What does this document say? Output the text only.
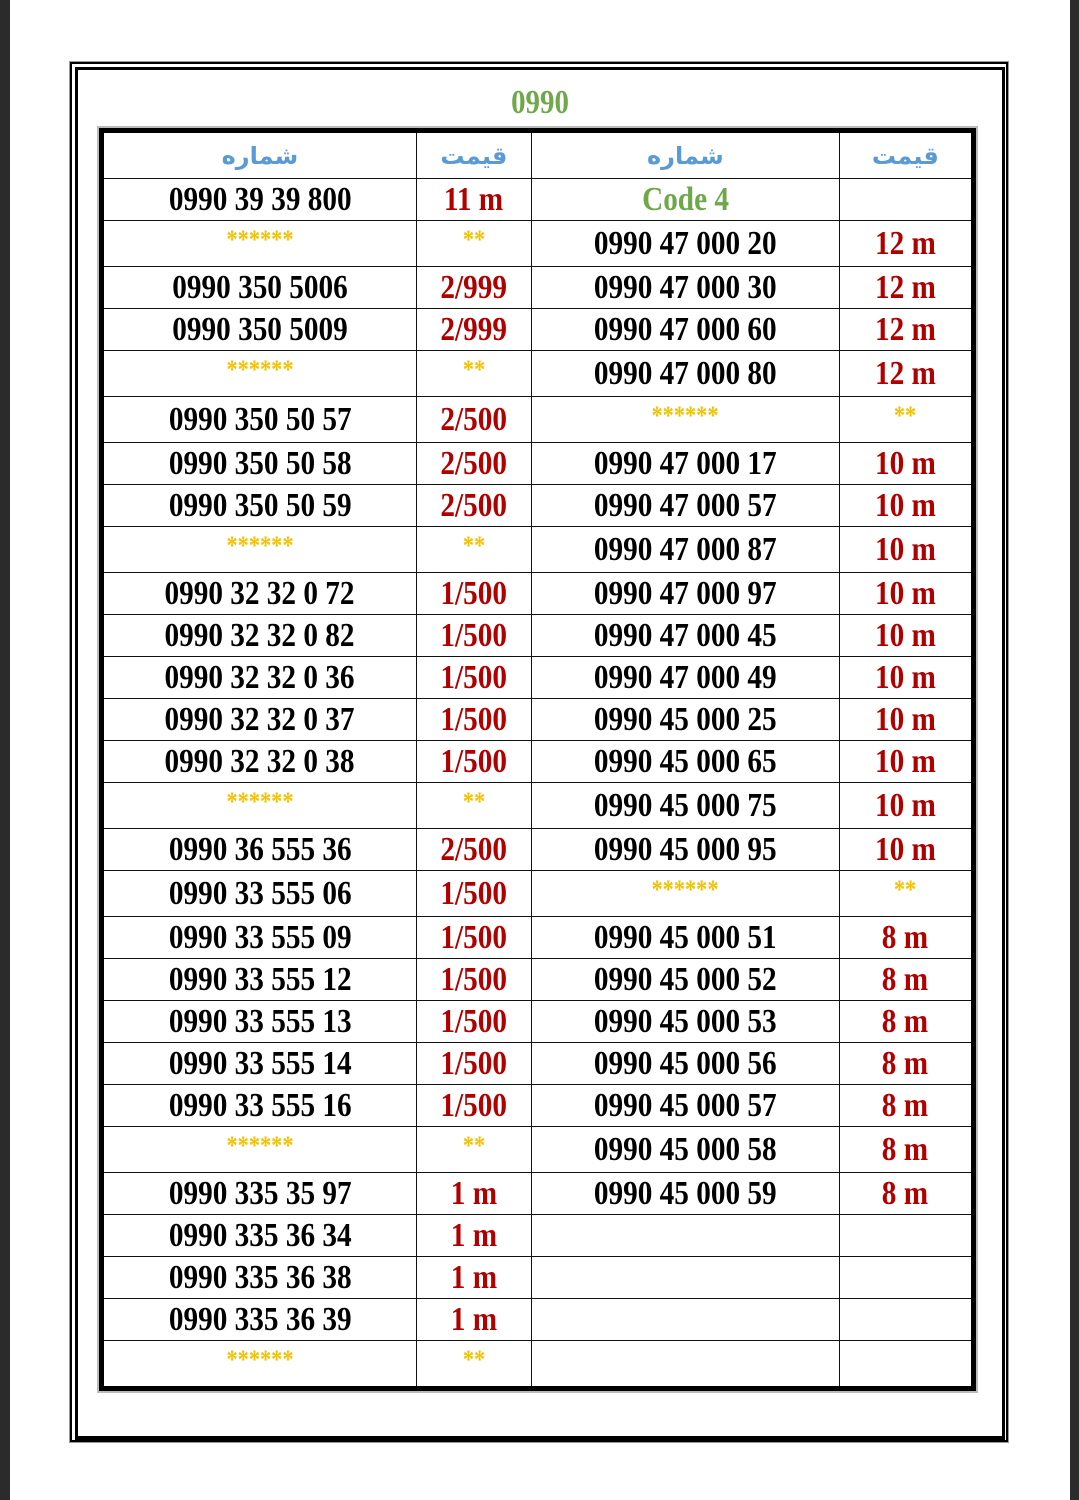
0990
شماره	قيمت	شماره	قيمت
0990 39 39 800	11 m	Code 4	
******	**	0990 47 000 20	12 m
0990 350 5006	2/999	0990 47 000 30	12 m
0990 350 5009	2/999	0990 47 000 60	12 m
******	**	0990 47 000 80	12 m
0990 350 50 57	2/500	******	**
0990 350 50 58	2/500	0990 47 000 17	10 m
0990 350 50 59	2/500	0990 47 000 57	10 m
******	**	0990 47 000 87	10 m
0990 32 32 0 72	1/500	0990 47 000 97	10 m
0990 32 32 0 82	1/500	0990 47 000 45	10 m
0990 32 32 0 36	1/500	0990 47 000 49	10 m
0990 32 32 0 37	1/500	0990 45 000 25	10 m
0990 32 32 0 38	1/500	0990 45 000 65	10 m
******	**	0990 45 000 75	10 m
0990 36 555 36	2/500	0990 45 000 95	10 m
0990 33 555 06	1/500	******	**
0990 33 555 09	1/500	0990 45 000 51	8 m
0990 33 555 12	1/500	0990 45 000 52	8 m
0990 33 555 13	1/500	0990 45 000 53	8 m
0990 33 555 14	1/500	0990 45 000 56	8 m
0990 33 555 16	1/500	0990 45 000 57	8 m
******	**	0990 45 000 58	8 m
0990 335 35 97	1 m	0990 45 000 59	8 m
0990 335 36 34	1 m		
0990 335 36 38	1 m		
0990 335 36 39	1 m		
******	**		
